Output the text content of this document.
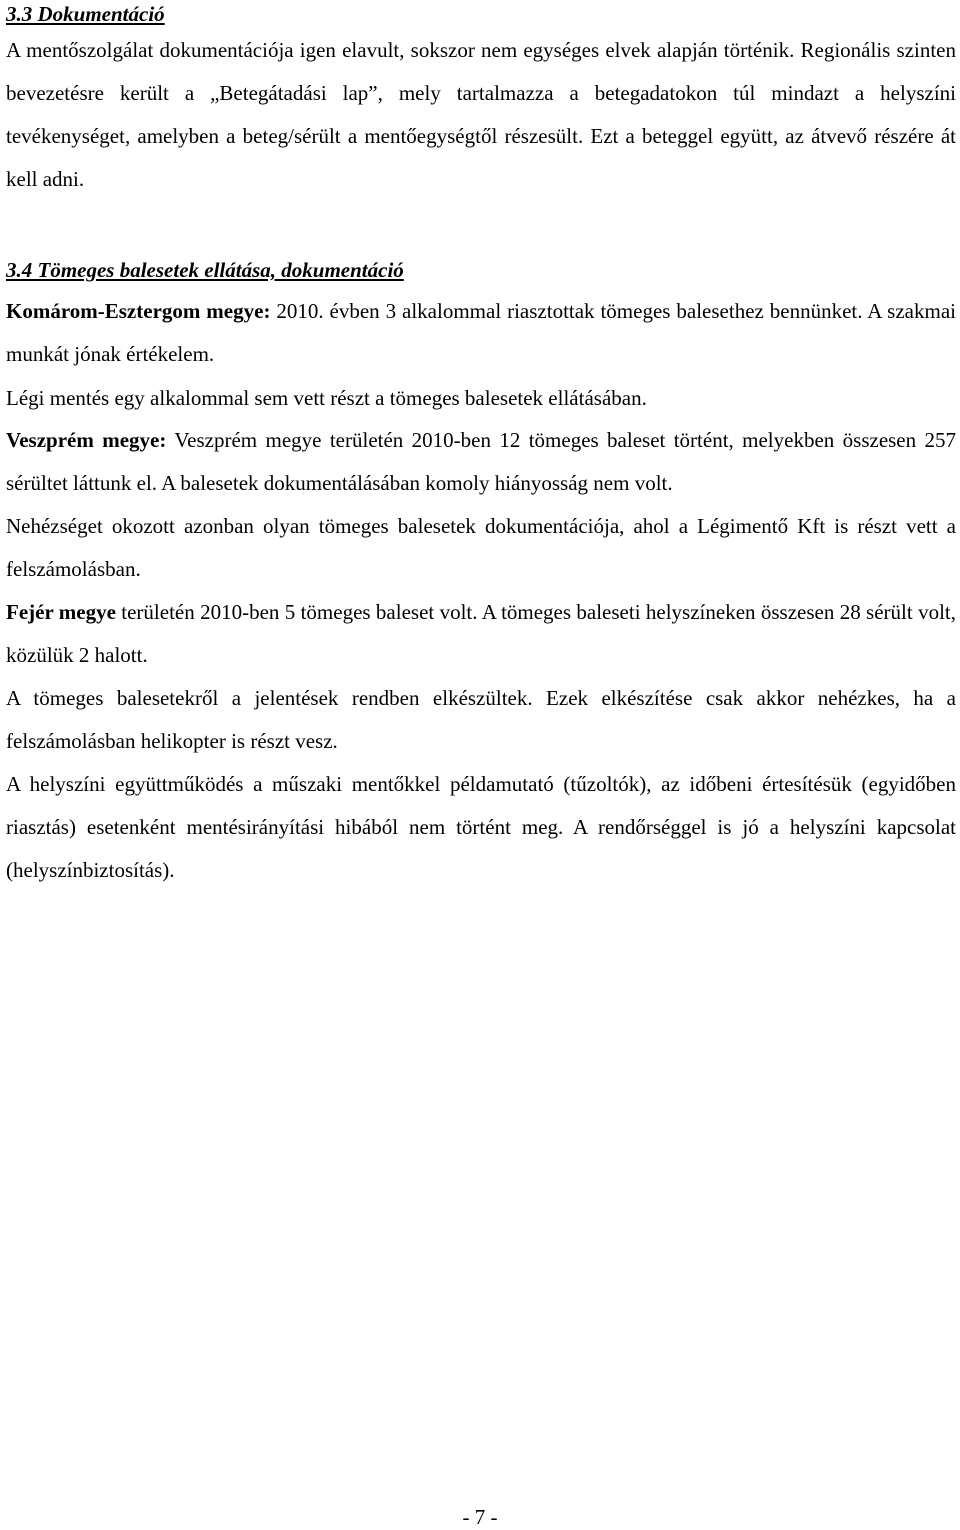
3.3 Dokumentáció

A mentőszolgálat dokumentációja igen elavult, sokszor nem egységes elvek alapján történik. Regionális szinten bevezetésre került a „Betegátadási lap”, mely tartalmazza a betegadatokon túl mindazt a helyszíni tevékenységet, amelyben a beteg/sérült a mentőegységtől részesült. Ezt a beteggel együtt, az átvevő részére át kell adni.

3.4 Tömeges balesetek ellátása, dokumentáció

Komárom-Esztergom megye: 2010. évben 3 alkalommal riasztottak tömeges balesethez bennünket. A szakmai munkát jónak értékelem.

Légi mentés egy alkalommal sem vett részt a tömeges balesetek ellátásában.

Veszprém megye: Veszprém megye területén 2010-ben 12 tömeges baleset történt, melyekben összesen 257 sérültet láttunk el. A balesetek dokumentálásában komoly hiányosság nem volt.

Nehézséget okozott azonban olyan tömeges balesetek dokumentációja, ahol a Légimentő Kft is részt vett a felszámolásban.

Fejér megye területén 2010-ben 5 tömeges baleset volt. A tömeges baleseti helyszíneken összesen 28 sérült volt, közülük 2 halott.

A tömeges balesetekről a jelentések rendben elkészültek. Ezek elkészítése csak akkor nehézkes, ha a felszámolásban helikopter is részt vesz.

A helyszíni együttműködés a műszaki mentőkkel példamutató (tűzoltók), az időbeni értesítésük (egyidőben riasztás) esetenként mentésirányítási hibából nem történt meg. A rendőrséggel is jó a helyszíni kapcsolat (helyszínbiztosítás).

- 7 -
